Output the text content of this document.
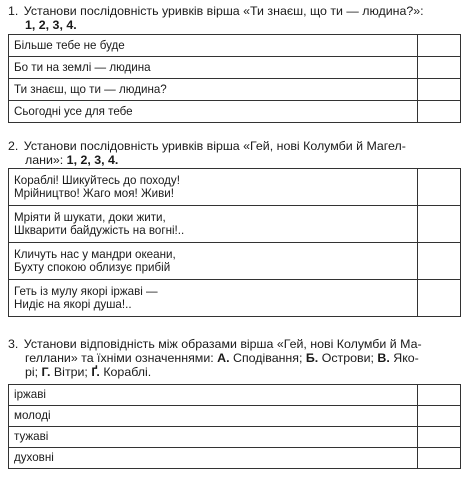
1. Установи послідовність уривків вірша «Ти знаєш, що ти — людина?»:
1, 2, 3, 4.
Більше тебе не буде	
Бо ти на землі — людина	
Ти знаєш, що ти — людина?	
Сьогодні усе для тебе	
2. Установи послідовність уривків вірша «Гей, нові Колумби й Магел-
лани»: 1, 2, 3, 4.
Кораблі! Шикуйтесь до походу!
Мрійництво! Жаго моя! Живи!	

Мріяти й шукати, доки жити,
Шкварити байдужість на вогні!..	

Кличуть нас у мандри океани,
Бухту спокою облизує прибій	

Геть із мулу якорі іржаві —
Нидіє на якорі душа!..	

3. Установи відповідність між образами вірша «Гей, нові Колумби й Ма-
геллани» та їхніми означеннями: А. Сподівання; Б. Острови; В. Яко-
рі; Г. Вітри; Ґ. Кораблі.
іржаві	
молоді	
тужаві	
духовні	
